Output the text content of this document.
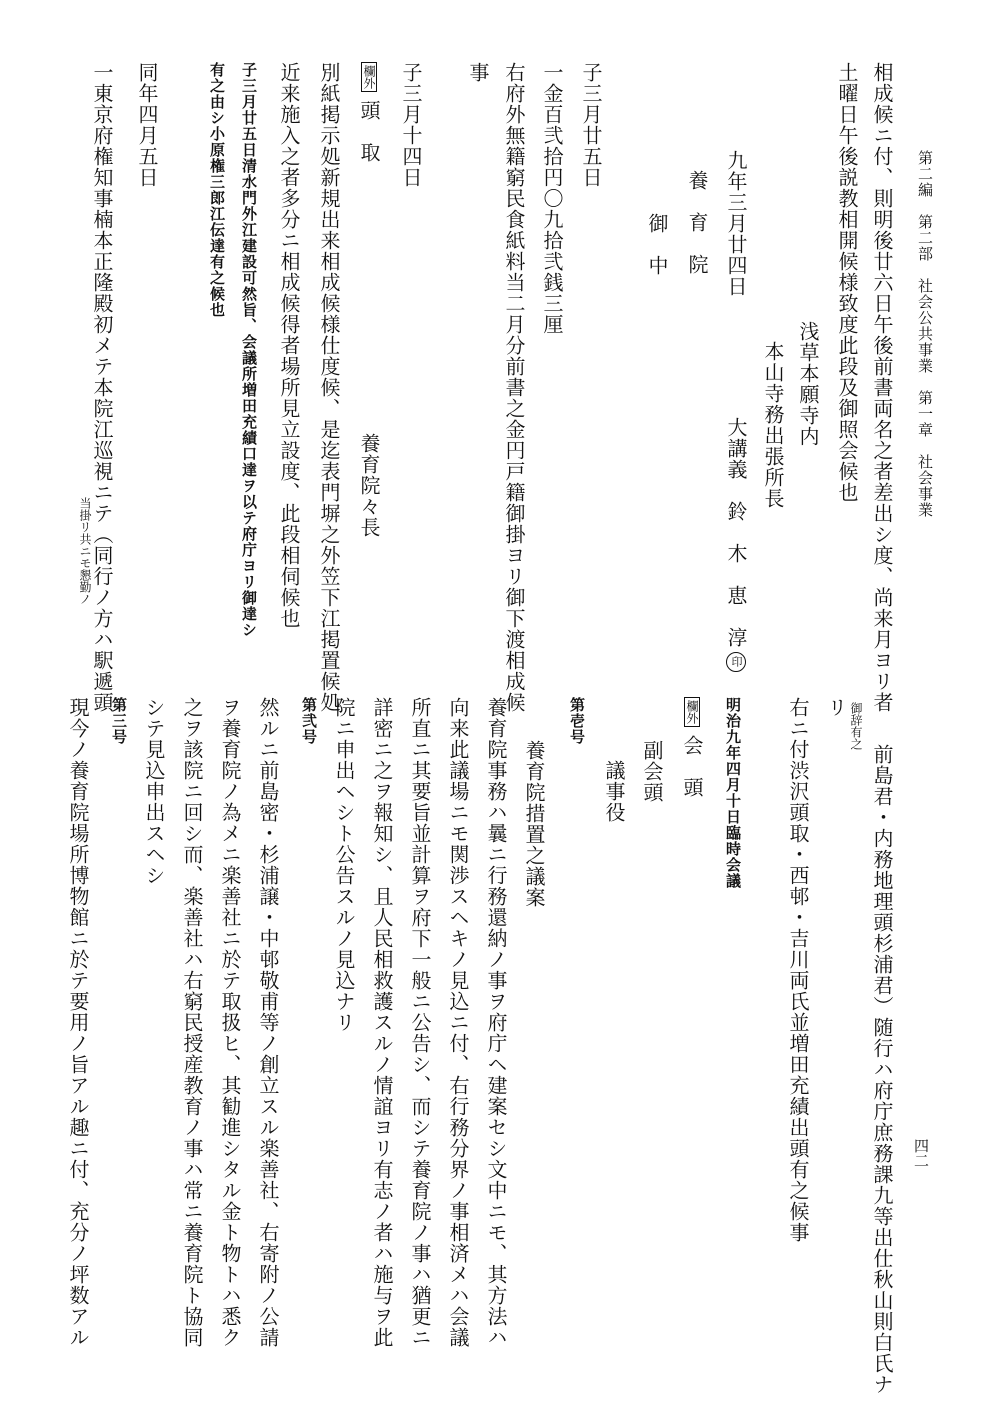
第二編　第二部　社会公共事業　第一章　社会事業
四二
相成候ニ付、則明後廿六日午後前書両名之者差出シ度、尚来月ヨリ者
土曜日午後説教相開候様致度此段及御照会候也
浅草本願寺内
本山寺務出張所長
九年三月廿四日
大講義　鈴　木　恵　淳印
養　育　院
御　中
子三月廿五日
一金百弐拾円〇九拾弐銭三厘
右府外無籍窮民食紙料当二月分前書之金円戸籍御掛ヨリ御下渡相成候
事
子三月十四日
欄外頭　取
養育院々長
別紙掲示処新規出来相成候様仕度候、是迄表門塀之外笠下江掲置候処
近来施入之者多分ニ相成候得者場所見立設度、此段相伺候也
子三月廿五日清水門外江建設可然旨、会議所増田充績口達ヲ以テ府庁ヨリ御達シ
有之由シ小原権三郎江伝達有之候也
同年四月五日
一東京府権知事楠本正隆殿初メテ本院江巡視ニテ（同行ノ方ハ駅遞頭
当掛リ共ニモ懇勤ノ
御辞有之
前島君・内務地理頭杉浦君）随行ハ府庁庶務課九等出仕秋山則白氏ナ
リ
右ニ付渋沢頭取・西邨・吉川両氏並増田充績出頭有之候事
明治九年四月十日臨時会議
欄外会　頭
副会頭
議事役
第壱号
養育院措置之議案
養育院事務ハ曩ニ行務還納ノ事ヲ府庁ヘ建案セシ文中ニモ、其方法ハ
向来此議場ニモ関渉スヘキノ見込ニ付、右行務分界ノ事相済メハ会議
所直ニ其要旨並計算ヲ府下一般ニ公告シ、而シテ養育院ノ事ハ猶更ニ
詳密ニ之ヲ報知シ、且人民相救護スルノ情誼ヨリ有志ノ者ハ施与ヲ此
院ニ申出ヘシト公告スルノ見込ナリ
第弐号
然ルニ前島密・杉浦譲・中邨敬甫等ノ創立スル楽善社、右寄附ノ公請
ヲ養育院ノ為メニ楽善社ニ於テ取扱ヒ、其勧進シタル金ト物トハ悉ク
之ヲ該院ニ回シ而、楽善社ハ右窮民授産教育ノ事ハ常ニ養育院ト協同
シテ見込申出スヘシ
第三号
現今ノ養育院場所博物館ニ於テ要用ノ旨アル趣ニ付、充分ノ坪数アル
